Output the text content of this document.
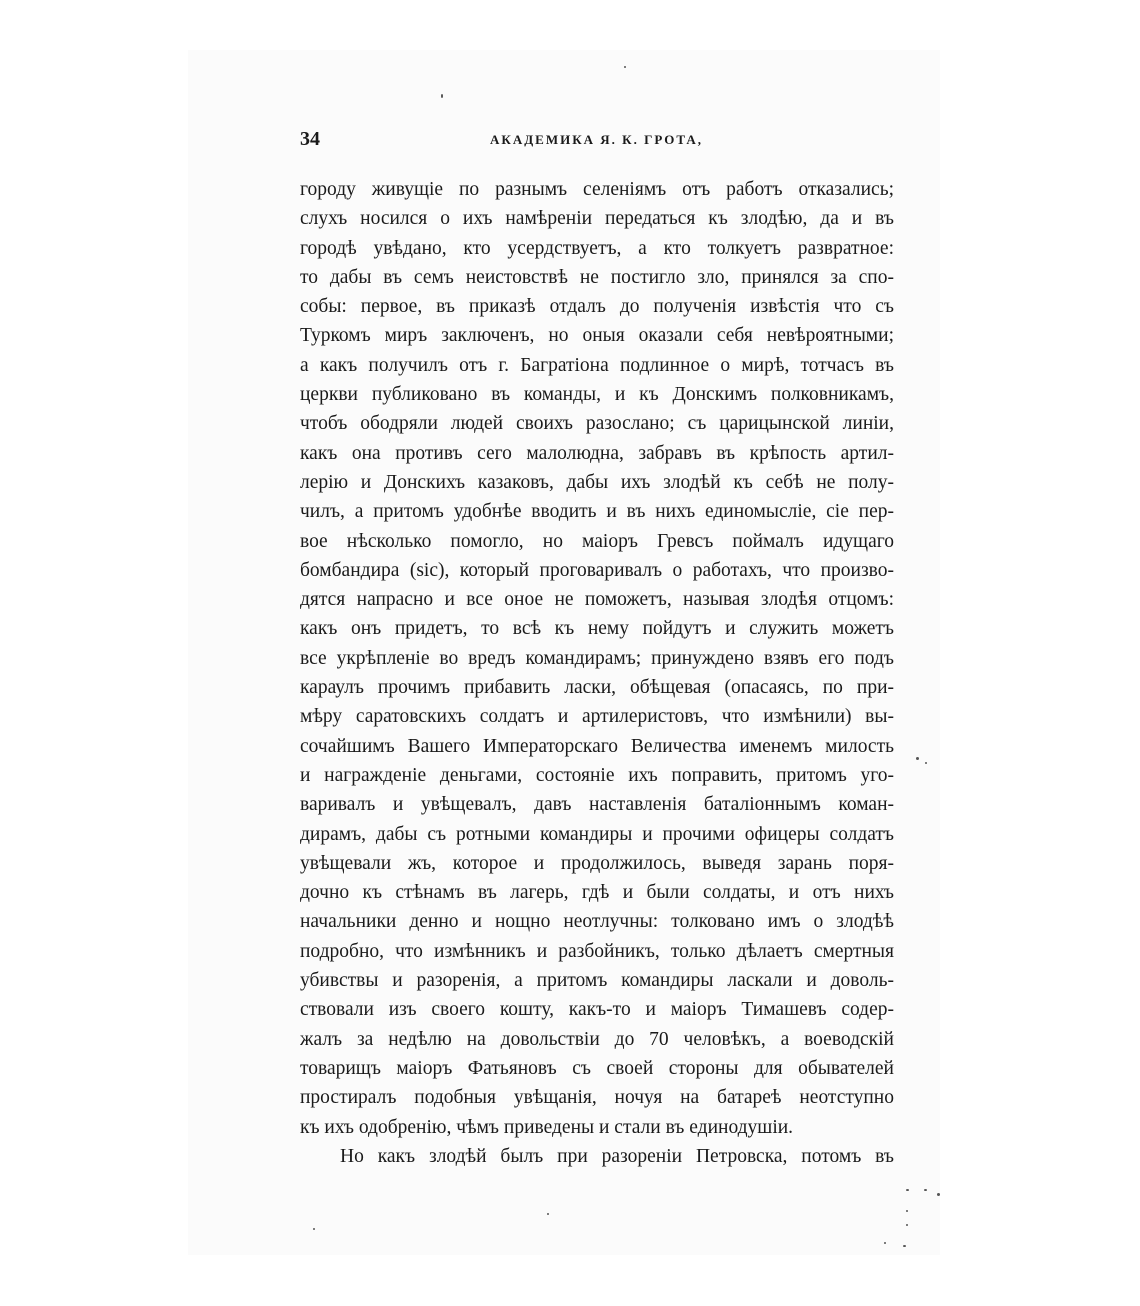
34	АКАДЕМИКА Я. К. ГРОТА,
городу живущіе по разнымъ селеніямъ отъ работъ отказались;
слухъ носился о ихъ намѣреніи передаться къ злодѣю, да и въ
городѣ увѣдано, кто усердствуетъ, а кто толкуетъ развратное:
то дабы въ семъ неистовствѣ не постигло зло, принялся за спо-
собы: первое, въ приказѣ отдалъ до полученія извѣстія что съ
Туркомъ миръ заключенъ, но оныя оказали себя невѣроятными;
а какъ получилъ отъ г. Багратіона подлинное о мирѣ, тотчасъ въ
церкви публиковано въ команды, и къ Донскимъ полковникамъ,
чтобъ ободряли людей своихъ разослано; съ царицынской линіи,
какъ она противъ сего малолюдна, забравъ въ крѣпость артил-
лерію и Донскихъ казаковъ, дабы ихъ злодѣй къ себѣ не полу-
чилъ, а притомъ удобнѣе вводить и въ нихъ единомысліе, сіе пер-
вое нѣсколько помогло, но маіоръ Гревсъ поймалъ идущаго
бомбандира (sic), который проговаривалъ о работахъ, что произво-
дятся напрасно и все оное не поможетъ, называя злодѣя отцомъ:
какъ онъ придетъ, то всѣ къ нему пойдутъ и служить можетъ
все укрѣпленіе во вредъ командирамъ; принуждено взявъ его подъ
караулъ прочимъ прибавить ласки, обѣщевая (опасаясь, по при-
мѣру саратовскихъ солдатъ и артилеристовъ, что измѣнили) вы-
сочайшимъ Вашего Императорскаго Величества именемъ милость
и награжденіе деньгами, состояніе ихъ поправить, притомъ уго-
варивалъ и увѣщевалъ, давъ наставленія баталіоннымъ коман-
дирамъ, дабы съ ротными командиры и прочими офицеры солдатъ
увѣщевали жъ, которое и продолжилось, выведя зарань поря-
дочно къ стѣнамъ въ лагерь, гдѣ и были солдаты, и отъ нихъ
начальники денно и нощно неотлучны: толковано имъ о злодѣѣ
подробно, что измѣнникъ и разбойникъ, только дѣлаетъ смертныя
убивствы и разоренія, а притомъ командиры ласкали и доволь-
ствовали изъ своего кошту, какъ-то и маіоръ Тимашевъ содер-
жалъ за недѣлю на довольствіи до 70 человѣкъ, а воеводскій
товарищъ маіоръ Фатьяновъ съ своей стороны для обывателей
простиралъ подобныя увѣщанія, ночуя на батареѣ неотступно
къ ихъ одобренію, чѣмъ приведены и стали въ единодушіи.
Но какъ злодѣй былъ при разореніи Петровска, потомъ въ
